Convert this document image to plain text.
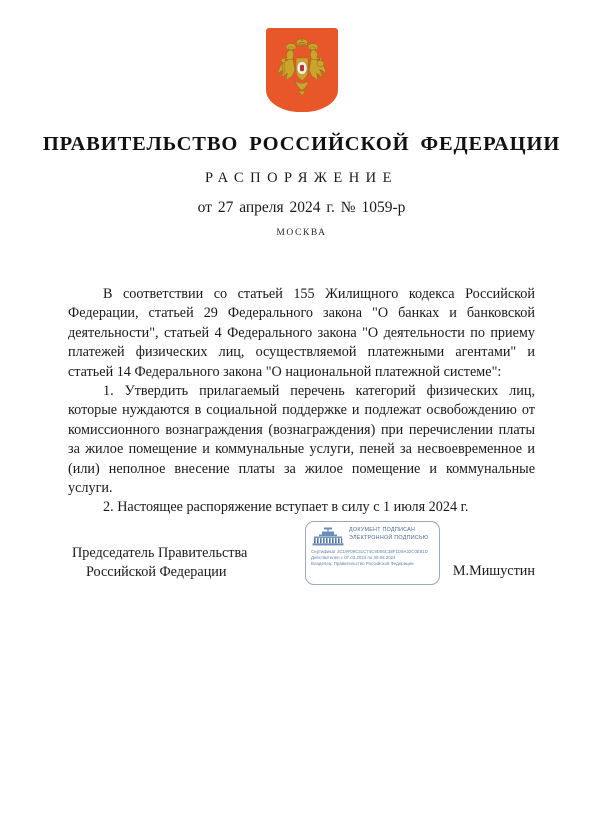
ПРАВИТЕЛЬСТВО РОССИЙСКОЙ ФЕДЕРАЦИИ
РАСПОРЯЖЕНИЕ
от 27 апреля 2024 г. № 1059-р
МОСКВА

В соответствии со статьей 155 Жилищного кодекса Российской Федерации, статьей 29 Федерального закона "О банках и банковской деятельности", статьей 4 Федерального закона "О деятельности по приему платежей физических лиц, осуществляемой платежными агентами" и статьей 14 Федерального закона "О национальной платежной системе":

1. Утвердить прилагаемый перечень категорий физических лиц, которые нуждаются в социальной поддержке и подлежат освобождению от комиссионного вознаграждения (вознаграждения) при перечислении платы за жилое помещение и коммунальные услуги, пеней за несвоевременное и (или) неполное внесение платы за жилое помещение и коммунальные услуги.

2. Настоящее распоряжение вступает в силу с 1 июля 2024 г.

ДОКУМЕНТ ПОДПИСАН
ЭЛЕКТРОННОЙ ПОДПИСЬЮ
Сертификат 2С19F09С31С74С9D06С38F1D9A32С0E81D
Действителен с 07.03.2023 по 30.05.2024
Владелец: Правительство Российской Федерации
Председатель Правительства
Российской Федерации	М.Мишустин
